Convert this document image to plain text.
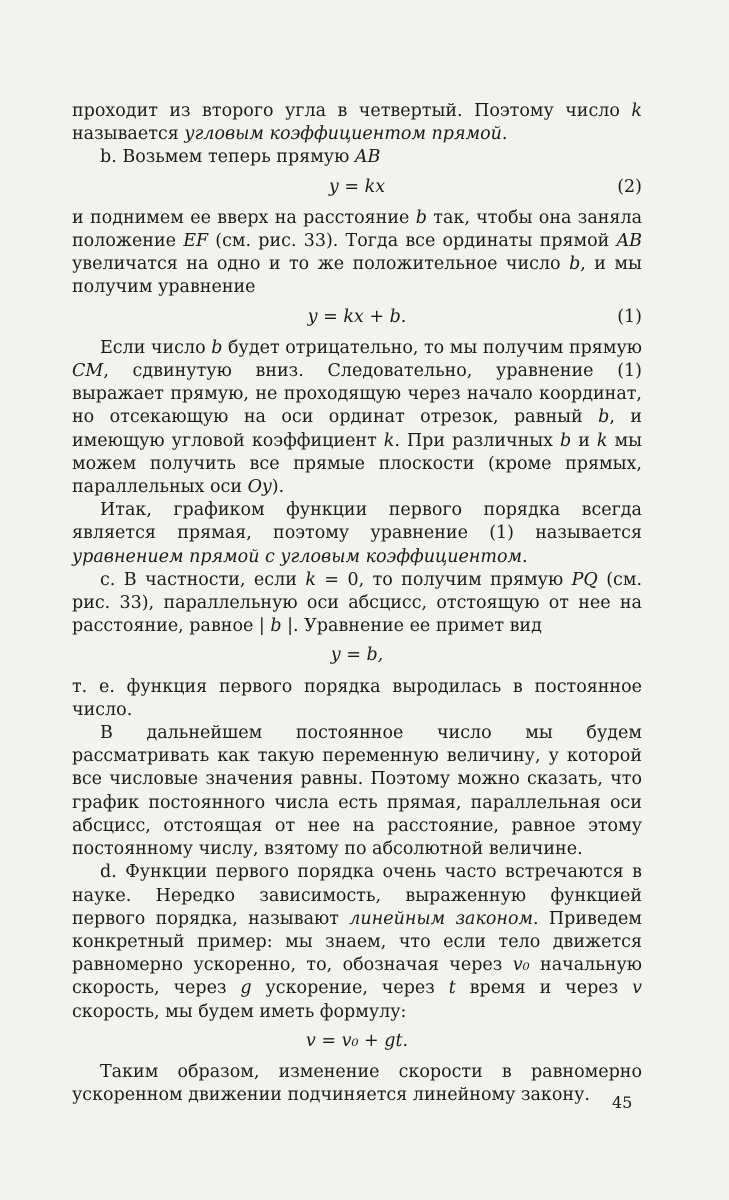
проходит из второго угла в четвертый. Поэтому число k называется угловым коэффициентом прямой.

b. Возьмем теперь прямую AB

y = kx	(2)

и поднимем ее вверх на расстояние b так, чтобы она заняла положение EF (см. рис. 33). Тогда все ординаты прямой AB увеличатся на одно и то же положительное число b, и мы получим уравнение

y = kx + b.	(1)

Если число b будет отрицательно, то мы получим прямую CM, сдвинутую вниз. Следовательно, уравнение (1) выражает прямую, не проходящую через начало координат, но отсекающую на оси ординат отрезок, равный b, и имеющую угловой коэффициент k. При различных b и k мы можем получить все прямые плоскости (кроме прямых, параллельных оси Oy).

Итак, графиком функции первого порядка всегда является прямая, поэтому уравнение (1) называется уравнением прямой с угловым коэффициентом.

c. В частности, если k = 0, то получим прямую PQ (см. рис. 33), параллельную оси абсцисс, отстоящую от нее на расстояние, равное | b |. Уравнение ее примет вид

y = b,

т. е. функция первого порядка выродилась в постоянное число.

В дальнейшем постоянное число мы будем рассматривать как такую переменную величину, у которой все числовые значения равны. Поэтому можно сказать, что график постоянного числа есть прямая, параллельная оси абсцисс, отстоящая от нее на расстояние, равное этому постоянному числу, взятому по абсолютной величине.

d. Функции первого порядка очень часто встречаются в науке. Нередко зависимость, выраженную функцией первого порядка, называют линейным законом. Приведем конкретный пример: мы знаем, что если тело движется равномерно ускоренно, то, обозначая через v₀ начальную скорость, через g ускорение, через t время и через v скорость, мы будем иметь формулу:

v = v₀ + gt.

Таким образом, изменение скорости в равномерно ускоренном движении подчиняется линейному закону.	45
